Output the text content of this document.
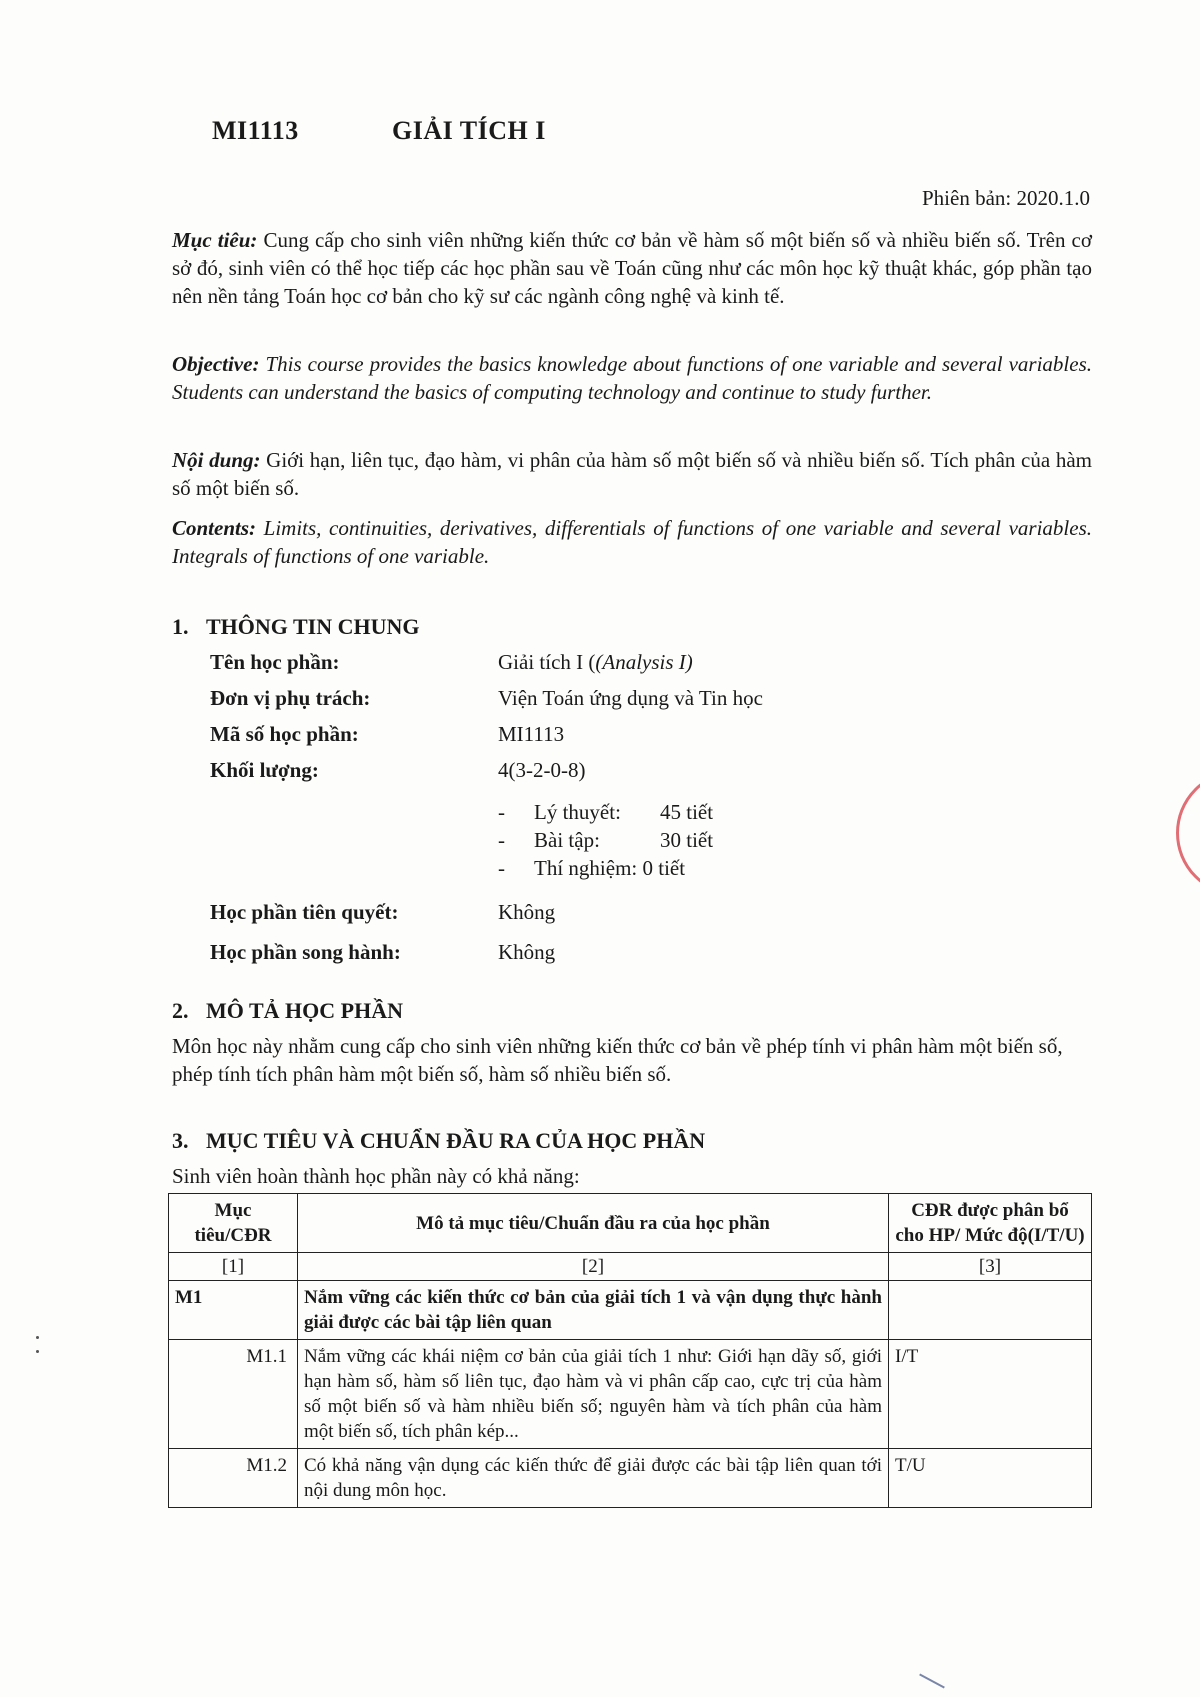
MI1113	GIẢI TÍCH I
Phiên bản: 2020.1.0
Mục tiêu: Cung cấp cho sinh viên những kiến thức cơ bản về hàm số một biến số và nhiều biến số. Trên cơ sở đó, sinh viên có thể học tiếp các học phần sau về Toán cũng như các môn học kỹ thuật khác, góp phần tạo nên nền tảng Toán học cơ bản cho kỹ sư các ngành công nghệ và kinh tế.
Objective: This course provides the basics knowledge about functions of one variable and several variables. Students can understand the basics of computing technology and continue to study further.
Nội dung: Giới hạn, liên tục, đạo hàm, vi phân của hàm số một biến số và nhiều biến số. Tích phân của hàm số một biến số.
Contents: Limits, continuities, derivatives, differentials of functions of one variable and several variables. Integrals of functions of one variable.
1. THÔNG TIN CHUNG
Tên học phần:	Giải tích I ((Analysis I)
Đơn vị phụ trách:	Viện Toán ứng dụng và Tin học
Mã số học phần:	MI1113
Khối lượng:	4(3-2-0-8)
- Lý thuyết: 45 tiết
- Bài tập:	30 tiết
- Thí nghiệm: 0 tiết
Học phần tiên quyết:	Không
Học phần song hành:	Không
2. MÔ TẢ HỌC PHẦN
Môn học này nhằm cung cấp cho sinh viên những kiến thức cơ bản về phép tính vi phân hàm một biến số, phép tính tích phân hàm một biến số, hàm số nhiều biến số.
3. MỤC TIÊU VÀ CHUẨN ĐẦU RA CỦA HỌC PHẦN
Sinh viên hoàn thành học phần này có khả năng:
Mục tiêu/CĐR	Mô tả mục tiêu/Chuẩn đầu ra của học phần	CĐR được phân bổ cho HP/ Mức độ(I/T/U)
[1]	[2]	[3]
M1	Nắm vững các kiến thức cơ bản của giải tích 1 và vận dụng thực hành giải được các bài tập liên quan	
M1.1	Nắm vững các khái niệm cơ bản của giải tích 1 như: Giới hạn dãy số, giới hạn hàm số, hàm số liên tục, đạo hàm và vi phân cấp cao, cực trị của hàm số một biến số và hàm nhiều biến số; nguyên hàm và tích phân của hàm một biến số, tích phân kép...	I/T
M1.2	Có khả năng vận dụng các kiến thức để giải được các bài tập liên quan tới nội dung môn học.	T/U
